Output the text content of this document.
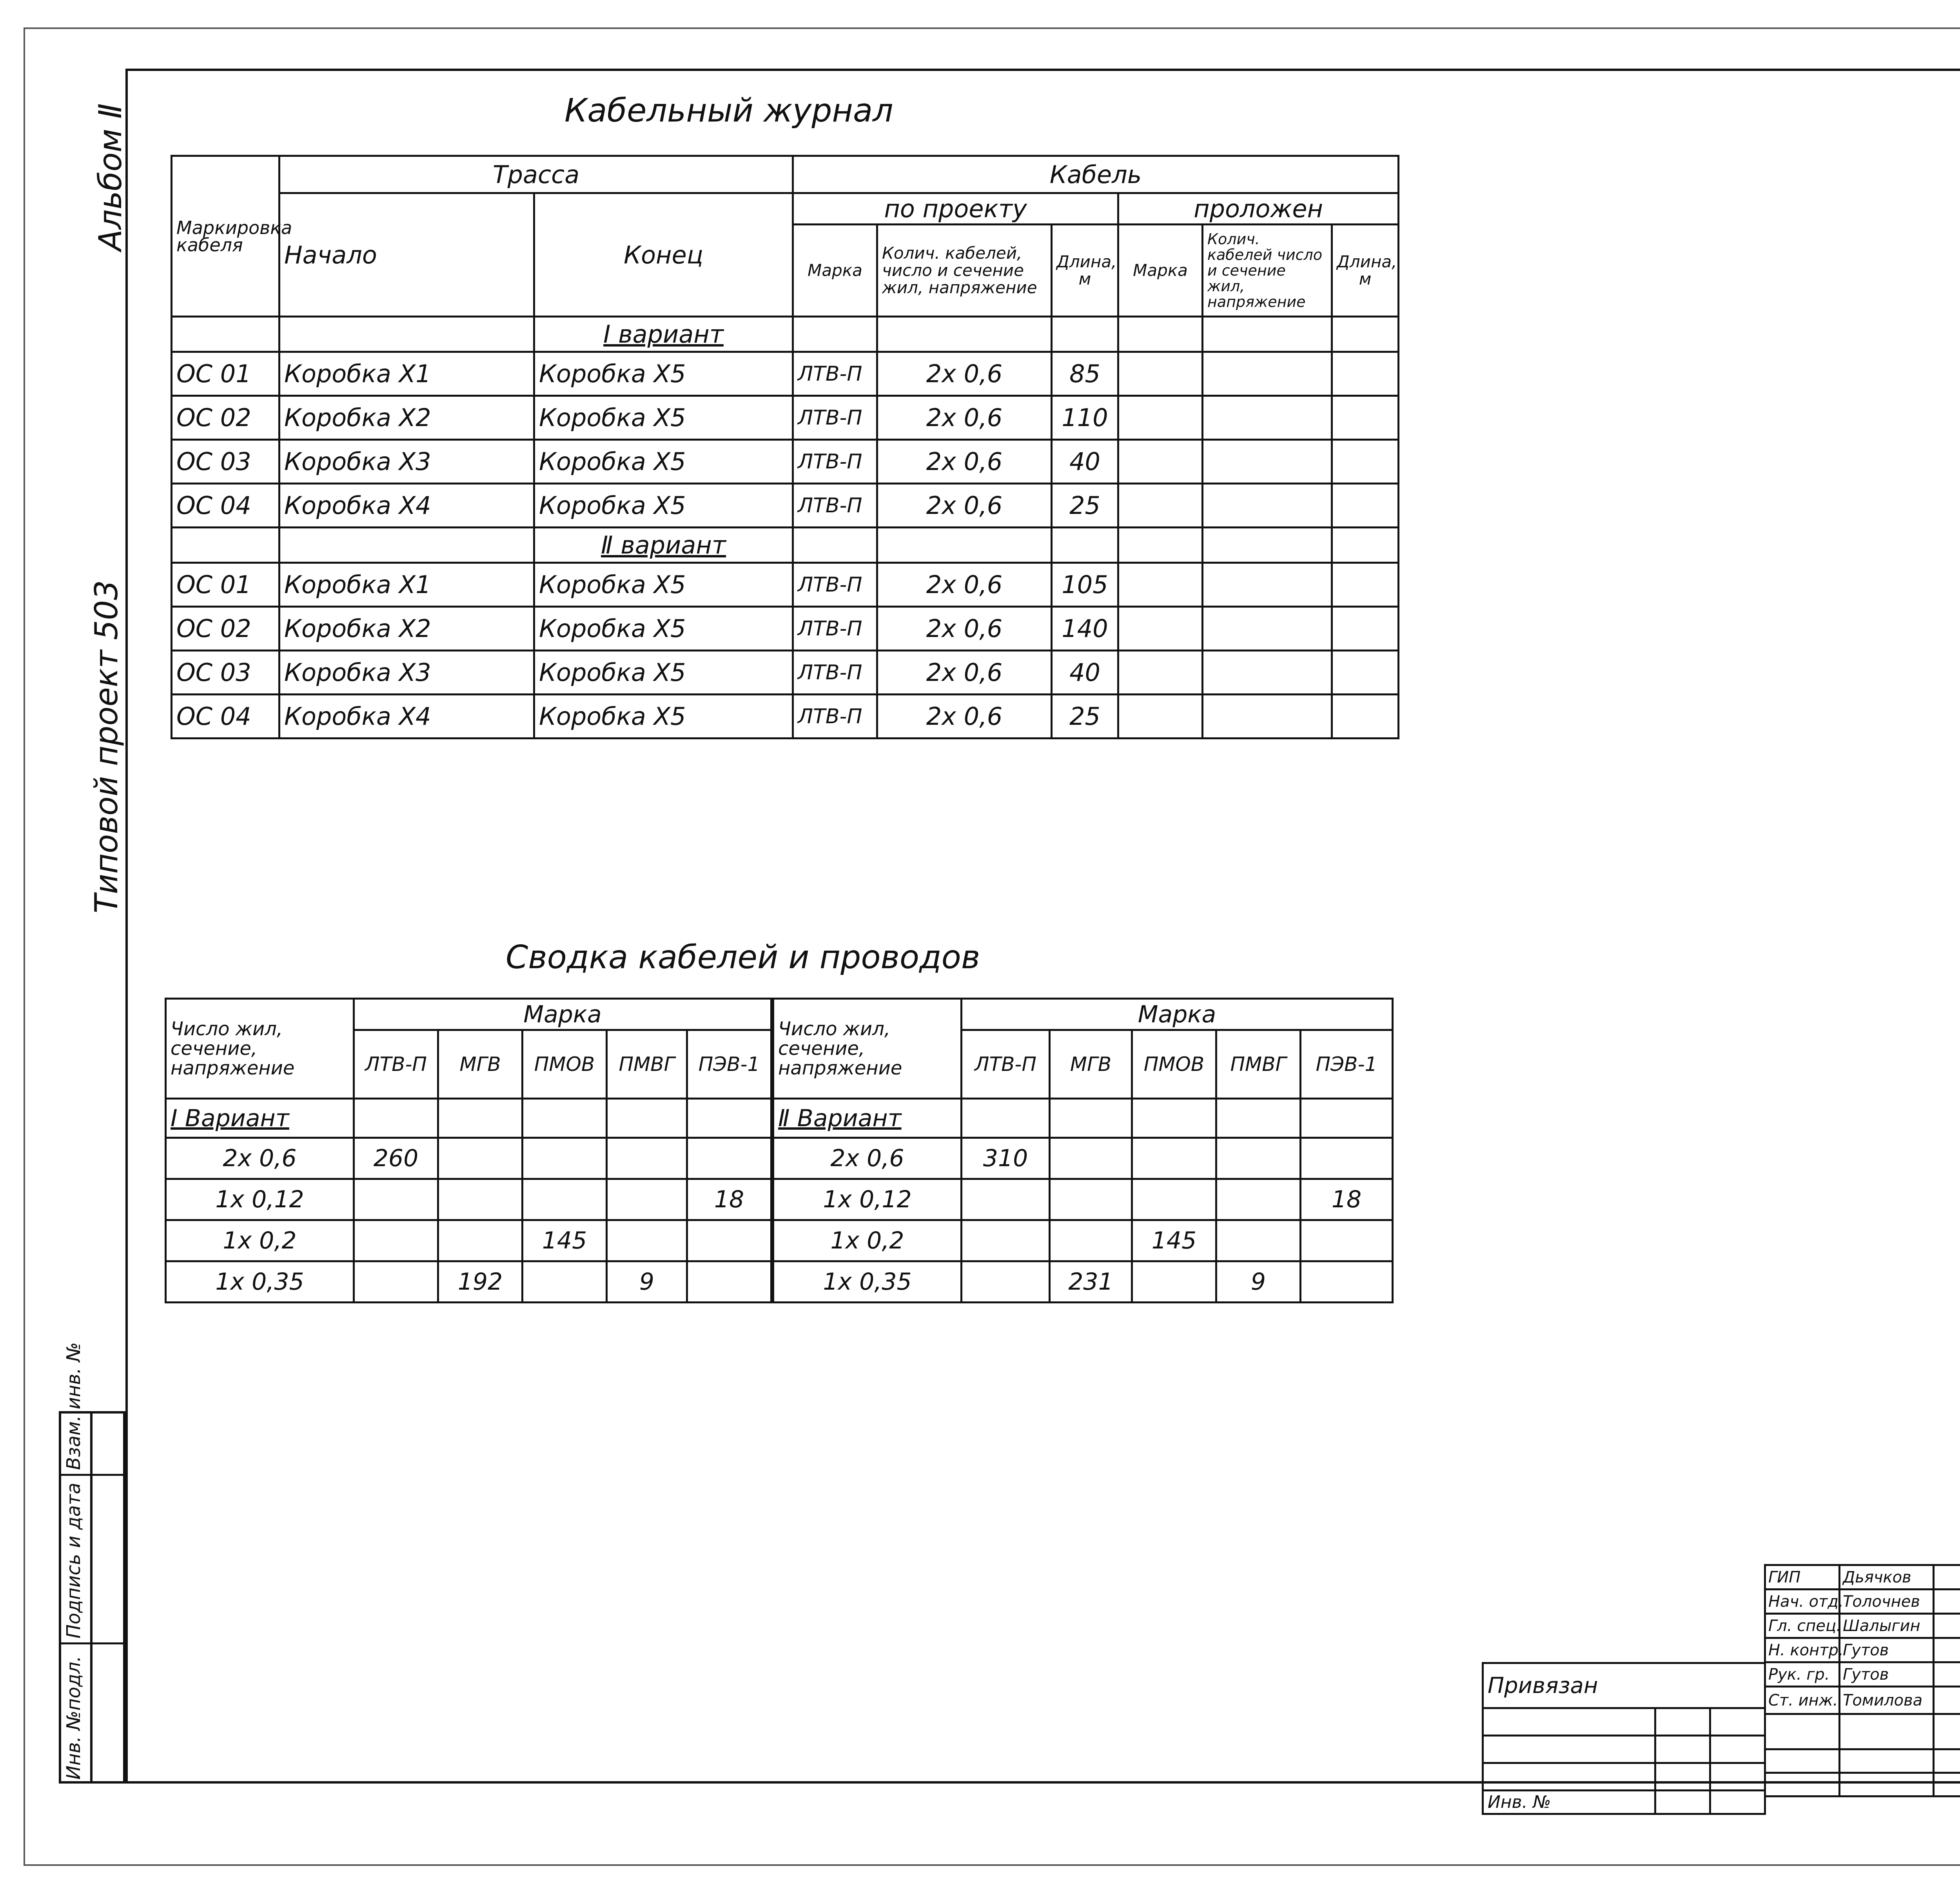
Альбом Ⅱ
Типовой проект 503
Инв. №подл.
Подпись и дата
Взам. инв. №
Кабельный журнал
Маркировка кабеля	Трасса		Кабель					
	Начало	Конец	по проекту			проложен		
			Марка	Колич. кабелей, число и сечение жил, напряжение	Длина, м	Марка	Колич. кабелей число и сечение жил, напряжение	Длина, м
		Ⅰ вариант						
ОС 01	Коробка Х1	Коробка Х5	ЛТВ-П	2х 0,6	85			
ОС 02	Коробка Х2	Коробка Х5	ЛТВ-П	2х 0,6	110			
ОС 03	Коробка Х3	Коробка Х5	ЛТВ-П	2х 0,6	40			
ОС 04	Коробка Х4	Коробка Х5	ЛТВ-П	2х 0,6	25			
		Ⅱ вариант						
ОС 01	Коробка Х1	Коробка Х5	ЛТВ-П	2х 0,6	105			
ОС 02	Коробка Х2	Коробка Х5	ЛТВ-П	2х 0,6	140			
ОС 03	Коробка Х3	Коробка Х5	ЛТВ-П	2х 0,6	40			
ОС 04	Коробка Х4	Коробка Х5	ЛТВ-П	2х 0,6	25			
Сводка кабелей и проводов
Число жил, сечение, напряжение	Марка				
	ЛТВ-П	МГВ	ПМОВ	ПМВГ	ПЭВ-1
Ⅰ Вариант					
2х 0,6	260				
1х 0,12					18
1х 0,2			145		
1х 0,35		192		9	
Число жил, сечение, напряжение	Марка				
	ЛТВ-П	МГВ	ПМОВ	ПМВГ	ПЭВ-1
Ⅱ Вариант					
2х 0,6	310				
1х 0,12					18
1х 0,2			145		
1х 0,35		231		9	
Привязан		

Инв. №		
ГИП	Дьячков				
Нач. отд.	Толочнев		
Гл. спец.	Шалыгин			
Н. контр.	Гутов		
Рук. гр.	Гутов						
Ст. инж.	Томилова					
